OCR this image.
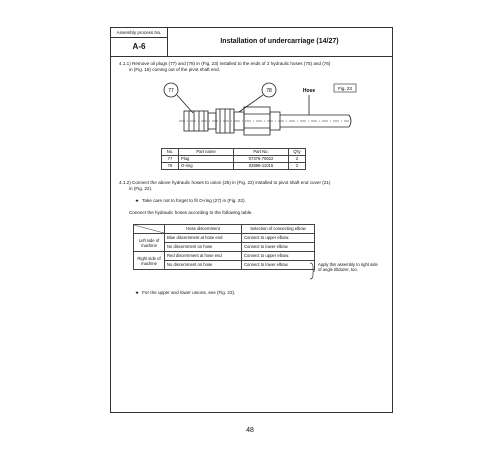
Assembly process No.
A-6
Installation of undercarriage (14/27)
4.1.1) Remove oil plugs (77) and (78) in (Fig. 23) installed to the ends of 2 hydraulic hoses (75) and (76)
in (Fig. 18) coming out of the pivot shaft end.
77	78	Hose	Fig. 23
No.	Part name	Part No.	Q'ty
77	Plug	07376-70622	2
78	O-ring	02896-11015	2
4.1.2) Connect the above hydraulic hoses to union (25) in (Fig. 22) installed to pivot shaft end cover (21)
in (Fig. 22).
★ Take care not to forget to fit O-ring (27) in (Fig. 22).
Connect the hydraulic hoses according to the following table.
	Hose discernment	Selection of connecting elbow
Left side of machine	Blue discernment at hose end	Connect to upper elbow.
	No discernment on hose	Connect to lower elbow.
Right side of machine	Red discernment at hose end	Connect to upper elbow.
	No discernment on hose	Connect to lower elbow.	Apply this assembly to right side of angle tiltdozer, too.
★ For the upper and lower unions, see (Fig. 22).
48
